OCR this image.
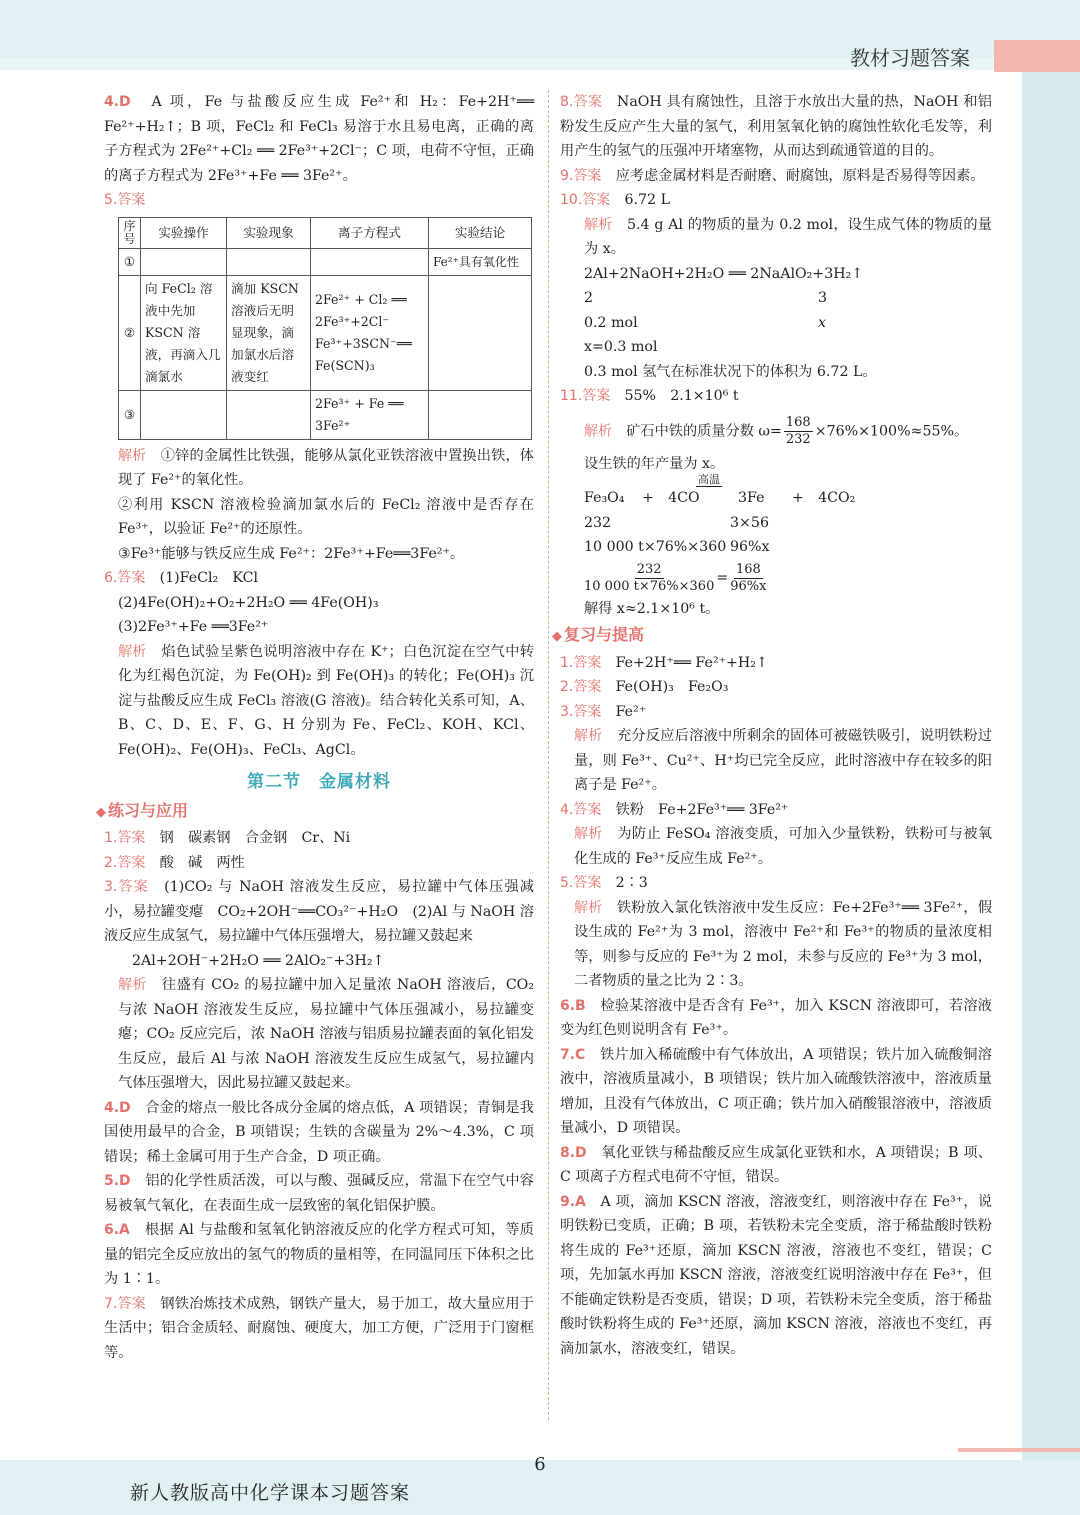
教材习题答案
4.D　 A 项，Fe 与盐酸反应生成 Fe²⁺和 H₂：Fe+2H⁺══ Fe²⁺+H₂↑；B 项，FeCl₂ 和 FeCl₃ 易溶于水且易电离，正确的离子方程式为 2Fe²⁺+Cl₂ ══ 2Fe³⁺+2Cl⁻；C 项，电荷不守恒，正确的离子方程式为 2Fe³⁺+Fe ══ 3Fe²⁺。
5.答案
序号	实验操作	实验现象	离子方程式	实验结论
①				Fe²⁺具有氧化性
②	向 FeCl₂ 溶液中先加 KSCN 溶液，再滴入几滴氯水	滴加 KSCN 溶液后无明显现象，滴加氯水后溶液变红	2Fe²⁺ + Cl₂ ══ 2Fe³⁺+2Cl⁻ Fe³⁺+3SCN⁻══ Fe(SCN)₃	
③			2Fe³⁺ + Fe ══ 3Fe²⁺	
解析　 ①锌的金属性比铁强，能够从氯化亚铁溶液中置换出铁，体现了 Fe²⁺的氧化性。
②利用 KSCN 溶液检验滴加氯水后的 FeCl₂ 溶液中是否存在 Fe³⁺，以验证 Fe²⁺的还原性。
③Fe³⁺能够与铁反应生成 Fe²⁺：2Fe³⁺+Fe══3Fe²⁺。
6.答案　 (1)FeCl₂　KCl
(2)4Fe(OH)₂+O₂+2H₂O ══ 4Fe(OH)₃
(3)2Fe³⁺+Fe ══3Fe²⁺
解析　 焰色试验呈紫色说明溶液中存在 K⁺；白色沉淀在空气中转化为红褐色沉淀，为 Fe(OH)₂ 到 Fe(OH)₃ 的转化；Fe(OH)₃ 沉淀与盐酸反应生成 FeCl₃ 溶液(G 溶液)。结合转化关系可知，A、B、C、D、E、F、G、H 分别为 Fe、FeCl₂、KOH、KCl、Fe(OH)₂、Fe(OH)₃、FeCl₃、AgCl。
第二节　金属材料
◆ 练习与应用
1.答案　 钢　碳素钢　合金钢　Cr、Ni
2.答案　 酸　碱　两性
3.答案　 (1)CO₂ 与 NaOH 溶液发生反应，易拉罐中气体压强减小，易拉罐变瘪　CO₂+2OH⁻══CO₃²⁻+H₂O　(2)Al 与 NaOH 溶液反应生成氢气，易拉罐中气体压强增大，易拉罐又鼓起来
2Al+2OH⁻+2H₂O ══ 2AlO₂⁻+3H₂↑
解析　 往盛有 CO₂ 的易拉罐中加入足量浓 NaOH 溶液后，CO₂ 与浓 NaOH 溶液发生反应，易拉罐中气体压强减小，易拉罐变瘪；CO₂ 反应完后，浓 NaOH 溶液与铝质易拉罐表面的氧化铝发生反应，最后 Al 与浓 NaOH 溶液发生反应生成氢气，易拉罐内气体压强增大，因此易拉罐又鼓起来。
4.D　 合金的熔点一般比各成分金属的熔点低，A 项错误；青铜是我国使用最早的合金，B 项错误；生铁的含碳量为 2%～4.3%，C 项错误；稀土金属可用于生产合金，D 项正确。
5.D　 铝的化学性质活泼，可以与酸、强碱反应，常温下在空气中容易被氧气氧化，在表面生成一层致密的氧化铝保护膜。
6.A　 根据 Al 与盐酸和氢氧化钠溶液反应的化学方程式可知，等质量的铝完全反应放出的氢气的物质的量相等，在同温同压下体积之比为 1∶1。
7.答案　 钢铁冶炼技术成熟，钢铁产量大，易于加工，故大量应用于生活中；铝合金质轻、耐腐蚀、硬度大，加工方便，广泛用于门窗框等。
8.答案　 NaOH 具有腐蚀性，且溶于水放出大量的热，NaOH 和铝粉发生反应产生大量的氢气，利用氢氧化钠的腐蚀性软化毛发等，利用产生的氢气的压强冲开堵塞物，从而达到疏通管道的目的。
9.答案　 应考虑金属材料是否耐磨、耐腐蚀，原料是否易得等因素。
10.答案　 6.72 L
解析　 5.4 g Al 的物质的量为 0.2 mol，设生成气体的物质的量为 x。
2Al+2NaOH+2H₂O ══ 2NaAlO₂+3H₂↑
2	3
0.2 mol	x
x=0.3 mol
0.3 mol 氢气在标准状况下的体积为 6.72 L。
11.答案　 55%　2.1×10⁶ t
解析　 矿石中铁的质量分数 $\omega= \frac{168}{232} \times 76\%\times 100\%\approx 55\%$。
设生铁的年产量为 x。
Fe₃O₄	+　4CO
高温
3Fe	+　4CO₂
232	3×56
10 000 t×76%×360 96%x
$\frac{232}{10 000 t\times 76\%\times 360} = \frac{168}{96\%x}$
解得 x≈2.1×10⁶ t。
◆ 复习与提高
1.答案　 Fe+2H⁺══ Fe²⁺+H₂↑
2.答案　 Fe(OH)₃　Fe₂O₃
3.答案　 Fe²⁺
解析　 充分反应后溶液中所剩余的固体可被磁铁吸引，说明铁粉过量，则 Fe³⁺、Cu²⁺、H⁺均已完全反应，此时溶液中存在较多的阳离子是 Fe²⁺。
4.答案　 铁粉　Fe+2Fe³⁺══ 3Fe²⁺
解析　 为防止 FeSO₄ 溶液变质，可加入少量铁粉，铁粉可与被氧化生成的 Fe³⁺反应生成 Fe²⁺。
5.答案　 2∶3
解析　 铁粉放入氯化铁溶液中发生反应：Fe+2Fe³⁺══ 3Fe²⁺，假设生成的 Fe²⁺为 3 mol，溶液中 Fe²⁺和 Fe³⁺的物质的量浓度相等，则参与反应的 Fe³⁺为 2 mol，未参与反应的 Fe³⁺为 3 mol，二者物质的量之比为 2∶3。
6.B　 检验某溶液中是否含有 Fe³⁺，加入 KSCN 溶液即可，若溶液变为红色则说明含有 Fe³⁺。
7.C　 铁片加入稀硫酸中有气体放出，A 项错误；铁片加入硫酸铜溶液中，溶液质量减小，B 项错误；铁片加入硫酸铁溶液中，溶液质量增加，且没有气体放出，C 项正确；铁片加入硝酸银溶液中，溶液质量减小，D 项错误。
8.D　 氧化亚铁与稀盐酸反应生成氯化亚铁和水，A 项错误；B 项、C 项离子方程式电荷不守恒，错误。
9.A　 A 项，滴加 KSCN 溶液，溶液变红，则溶液中存在 Fe³⁺，说明铁粉已变质，正确；B 项，若铁粉未完全变质，溶于稀盐酸时铁粉将生成的 Fe³⁺还原，滴加 KSCN 溶液，溶液也不变红，错误；C 项，先加氯水再加 KSCN 溶液，溶液变红说明溶液中存在 Fe³⁺，但不能确定铁粉是否变质，错误；D 项，若铁粉未完全变质，溶于稀盐酸时铁粉将生成的 Fe³⁺还原，滴加 KSCN 溶液，溶液也不变红，再滴加氯水，溶液变红，错误。
6
新人教版高中化学课本习题答案
